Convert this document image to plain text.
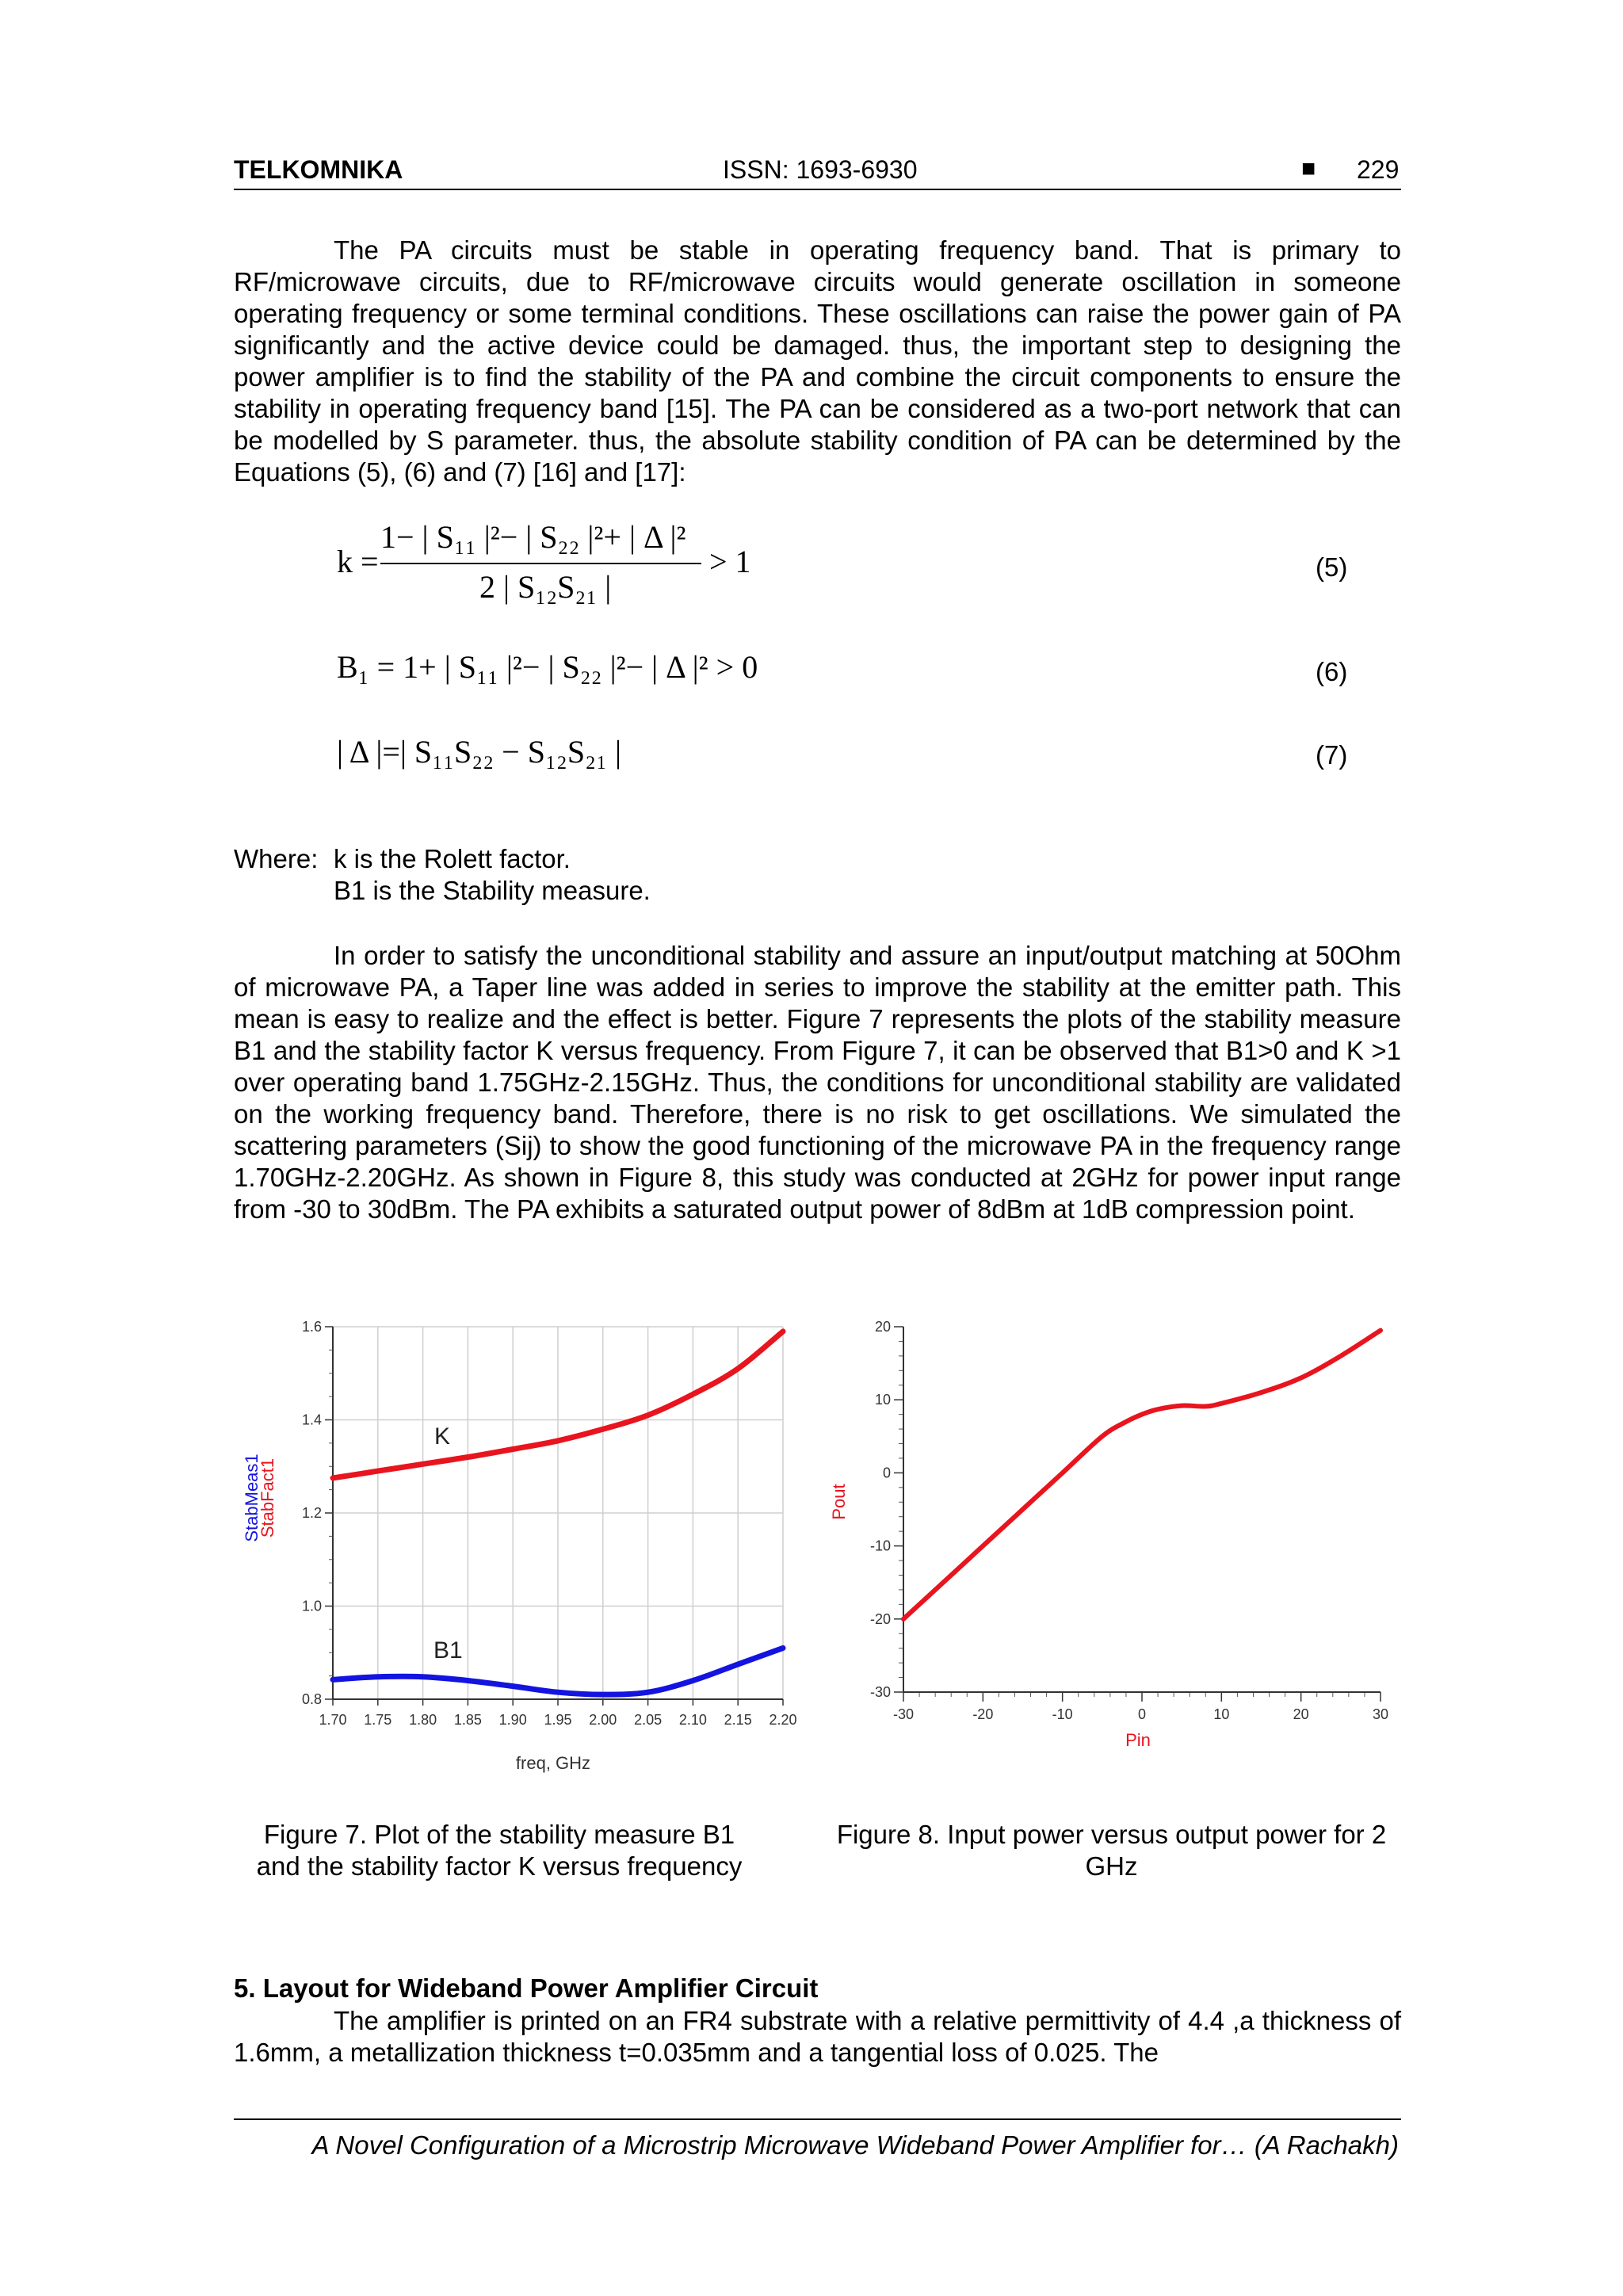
TELKOMNIKA	ISSN: 1693-6930	■ 229
The PA circuits must be stable in operating frequency band. That is primary to RF/microwave circuits, due to RF/microwave circuits would generate oscillation in someone operating frequency or some terminal conditions. These oscillations can raise the power gain of PA significantly and the active device could be damaged. thus, the important step to designing the power amplifier is to find the stability of the PA and combine the circuit components to ensure the stability in operating frequency band [15]. The PA can be considered as a two-port network that can be modelled by S parameter. thus, the absolute stability condition of PA can be determined by the Equations (5), (6) and (7) [16] and [17]:
k =
1− | S₁₁ |²− | S₂₂ |²+ | Δ |²
2 | S₁₂S₂₁ |
> 1	(5)
B₁ = 1+ | S₁₁ |²− | S₂₂ |²− | Δ |² > 0	(6)
| Δ |=| S₁₁S₂₂ − S₁₂S₂₁ |	(7)
Where: k is the Rolett factor.
B1 is the Stability measure.
In order to satisfy the unconditional stability and assure an input/output matching at 50Ohm of microwave PA, a Taper line was added in series to improve the stability at the emitter path. This mean is easy to realize and the effect is better. Figure 7 represents the plots of the stability measure B1 and the stability factor K versus frequency. From Figure 7, it can be observed that B1>0 and K >1 over operating band 1.75GHz-2.15GHz. Thus, the conditions for unconditional stability are validated on the working frequency band. Therefore, there is no risk to get oscillations. We simulated the scattering parameters (Sij) to show the good functioning of the microwave PA in the frequency range 1.70GHz-2.20GHz. As shown in Figure 8, this study was conducted at 2GHz for power input range from -30 to 30dBm. The PA exhibits a saturated output power of 8dBm at 1dB compression point.
1.70 1.75 1.80 1.85 1.90 1.95 2.00 2.05 2.10 2.15 2.20
0.8
1.0
1.2
1.4
1.6
K
B1
freq, GHz
StabMeas1
StabFact1
-30	-20	-10	0	10	20	30
20
10
0
-10
-20
-30
Pin
Pout
Figure 7. Plot of the stability measure B1 and the stability factor K versus frequency
Figure 8. Input power versus output power for 2 GHz
5. Layout for Wideband Power Amplifier Circuit
The amplifier is printed on an FR4 substrate with a relative permittivity of 4.4 ,a thickness of 1.6mm, a metallization thickness t=0.035mm and a tangential loss of 0.025. The
A Novel Configuration of a Microstrip Microwave Wideband Power Amplifier for… (A Rachakh)
